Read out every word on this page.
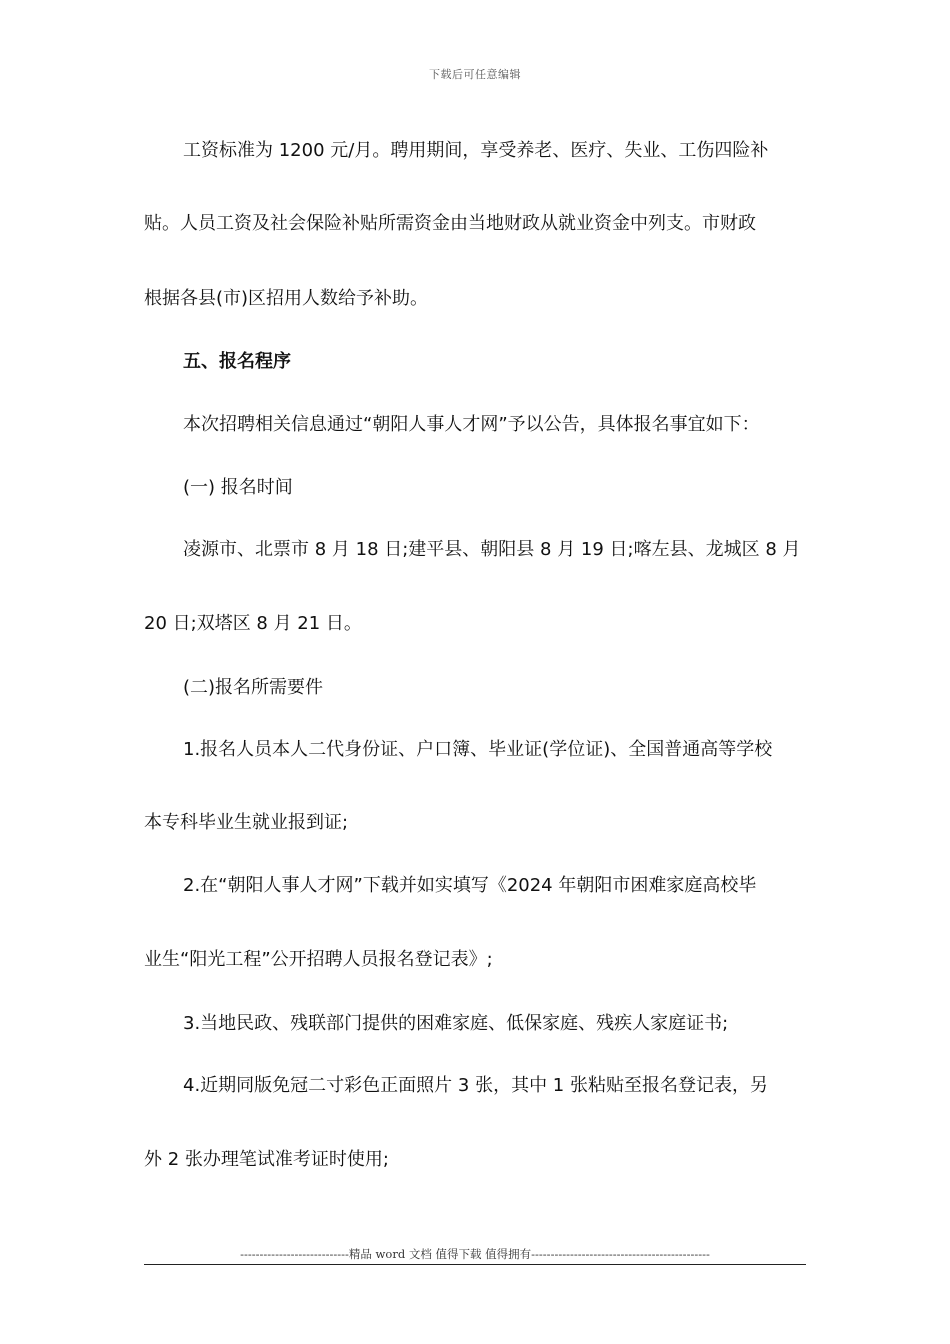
下载后可任意编辑
工资标准为 1200 元/月。聘用期间，享受养老、医疗、失业、工伤四险补
贴。人员工资及社会保险补贴所需资金由当地财政从就业资金中列支。市财政
根据各县(市)区招用人数给予补助。
五、报名程序
本次招聘相关信息通过“朝阳人事人才网”予以公告，具体报名事宜如下：
(一) 报名时间
凌源市、北票市 8 月 18 日;建平县、朝阳县 8 月 19 日;喀左县、龙城区 8 月
20 日;双塔区 8 月 21 日。
(二)报名所需要件
1.报名人员本人二代身份证、户口簿、毕业证(学位证)、全国普通高等学校
本专科毕业生就业报到证;
2.在“朝阳人事人才网”下载并如实填写《2024 年朝阳市困难家庭高校毕
业生“阳光工程”公开招聘人员报名登记表》;
3.当地民政、残联部门提供的困难家庭、低保家庭、残疾人家庭证书;
4.近期同版免冠二寸彩色正面照片 3 张，其中 1 张粘贴至报名登记表，另
外 2 张办理笔试准考证时使用;
----------------------------精品 word 文档 值得下载 值得拥有----------------------------------------------
